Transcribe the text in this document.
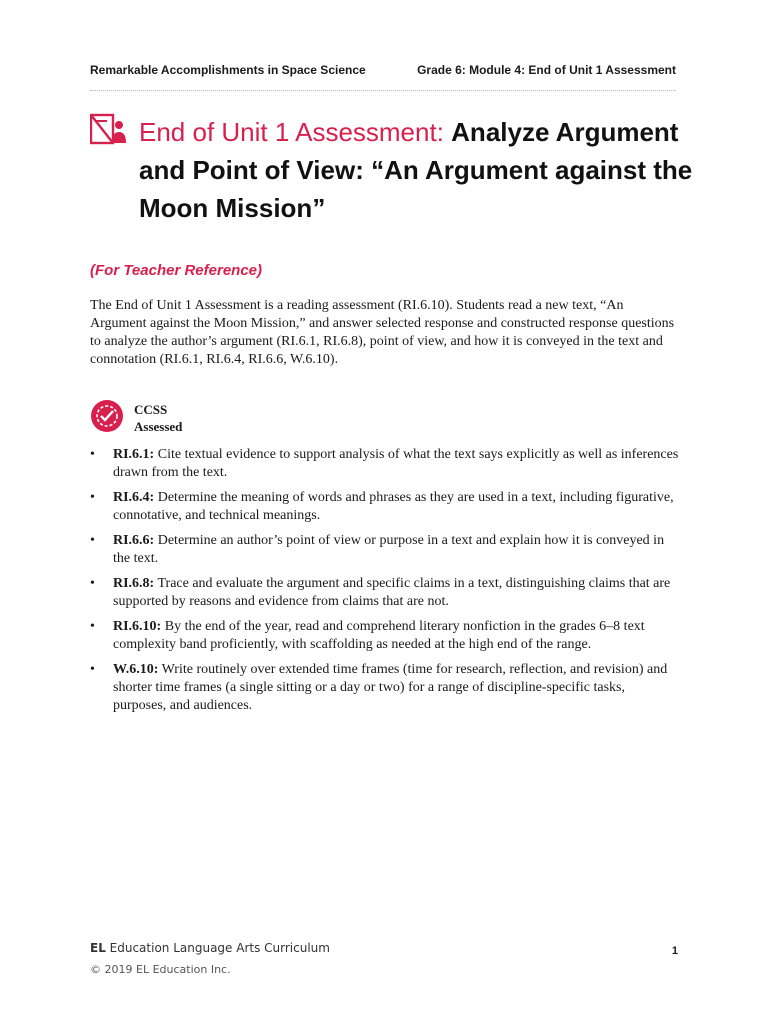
Remarkable Accomplishments in Space Science	Grade 6: Module 4: End of Unit 1 Assessment
End of Unit 1 Assessment: Analyze Argument and Point of View: “An Argument against the Moon Mission”
(For Teacher Reference)
The End of Unit 1 Assessment is a reading assessment (RI.6.10). Students read a new text, “An Argument against the Moon Mission,” and answer selected response and constructed response questions to analyze the author’s argument (RI.6.1, RI.6.8), point of view, and how it is conveyed in the text and connotation (RI.6.1, RI.6.4, RI.6.6, W.6.10).
CCSS
Assessed
• RI.6.1: Cite textual evidence to support analysis of what the text says explicitly as well as inferences drawn from the text.
• RI.6.4: Determine the meaning of words and phrases as they are used in a text, including figurative, connotative, and technical meanings.
• RI.6.6: Determine an author’s point of view or purpose in a text and explain how it is conveyed in the text.
• RI.6.8: Trace and evaluate the argument and specific claims in a text, distinguishing claims that are supported by reasons and evidence from claims that are not.
• RI.6.10: By the end of the year, read and comprehend literary nonfiction in the grades 6–8 text complexity band proficiently, with scaffolding as needed at the high end of the range.
• W.6.10: Write routinely over extended time frames (time for research, reflection, and revision) and shorter time frames (a single sitting or a day or two) for a range of discipline-specific tasks, purposes, and audiences.
EL Education Language Arts Curriculum
© 2019 EL Education Inc.
1
